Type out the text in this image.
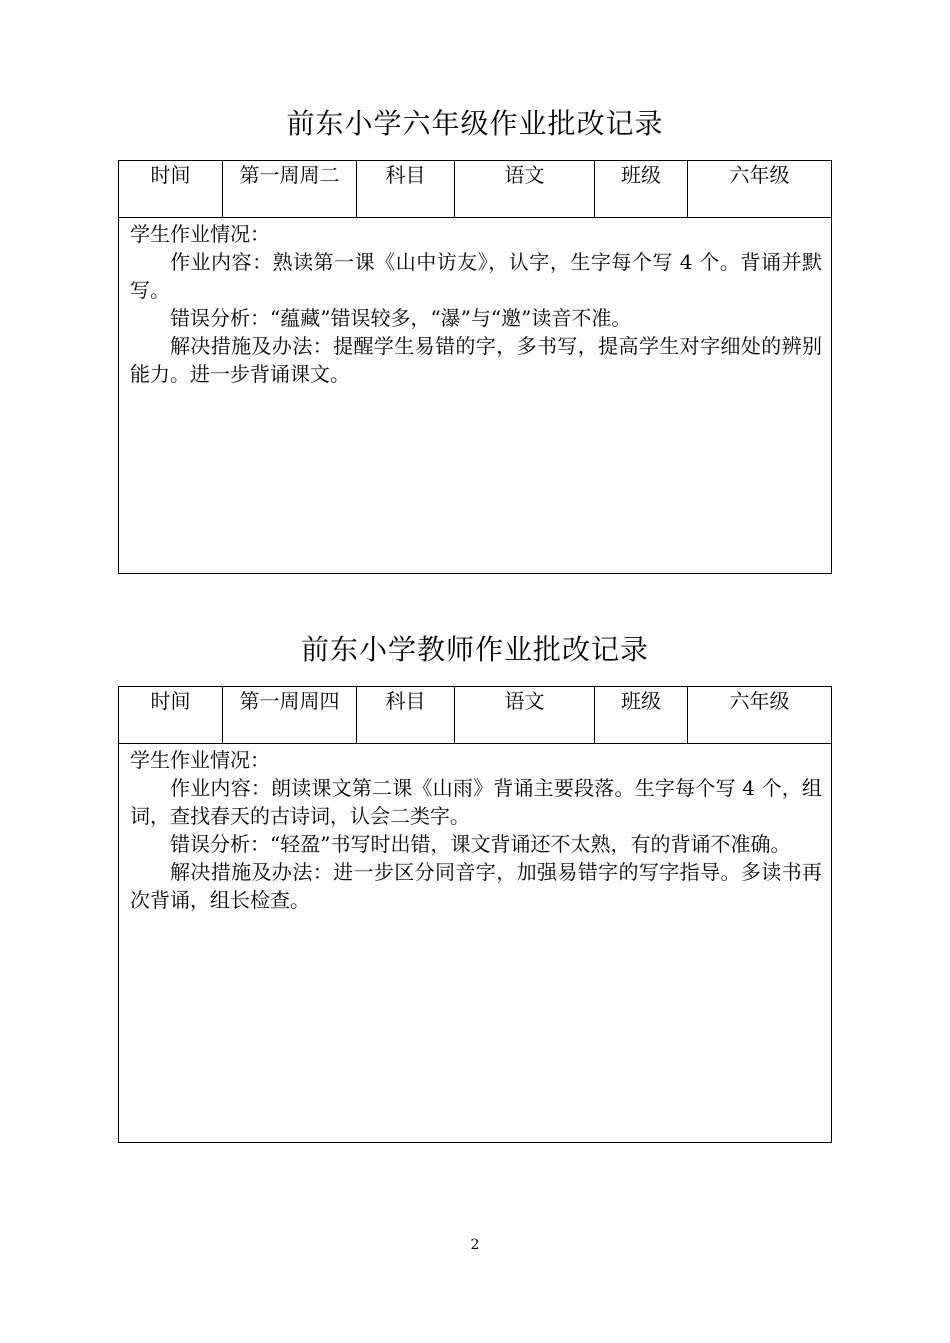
前东小学六年级作业批改记录
时间	第一周周二	科目	语文	班级	六年级

学生作业情况：

作业内容：熟读第一课《山中访友》，认字，生字每个写 4 个。背诵并默写。

错误分析：“蕴藏”错误较多，“瀑”与“邀”读音不准。

解决措施及办法：提醒学生易错的字，多书写，提高学生对字细处的辨别能力。进一步背诵课文。

前东小学教师作业批改记录
时间	第一周周四	科目	语文	班级	六年级

学生作业情况：

作业内容：朗读课文第二课《山雨》背诵主要段落。生字每个写 4 个，组词，查找春天的古诗词，认会二类字。

错误分析：“轻盈”书写时出错，课文背诵还不太熟，有的背诵不准确。

解决措施及办法：进一步区分同音字，加强易错字的写字指导。多读书再次背诵，组长检查。

2
